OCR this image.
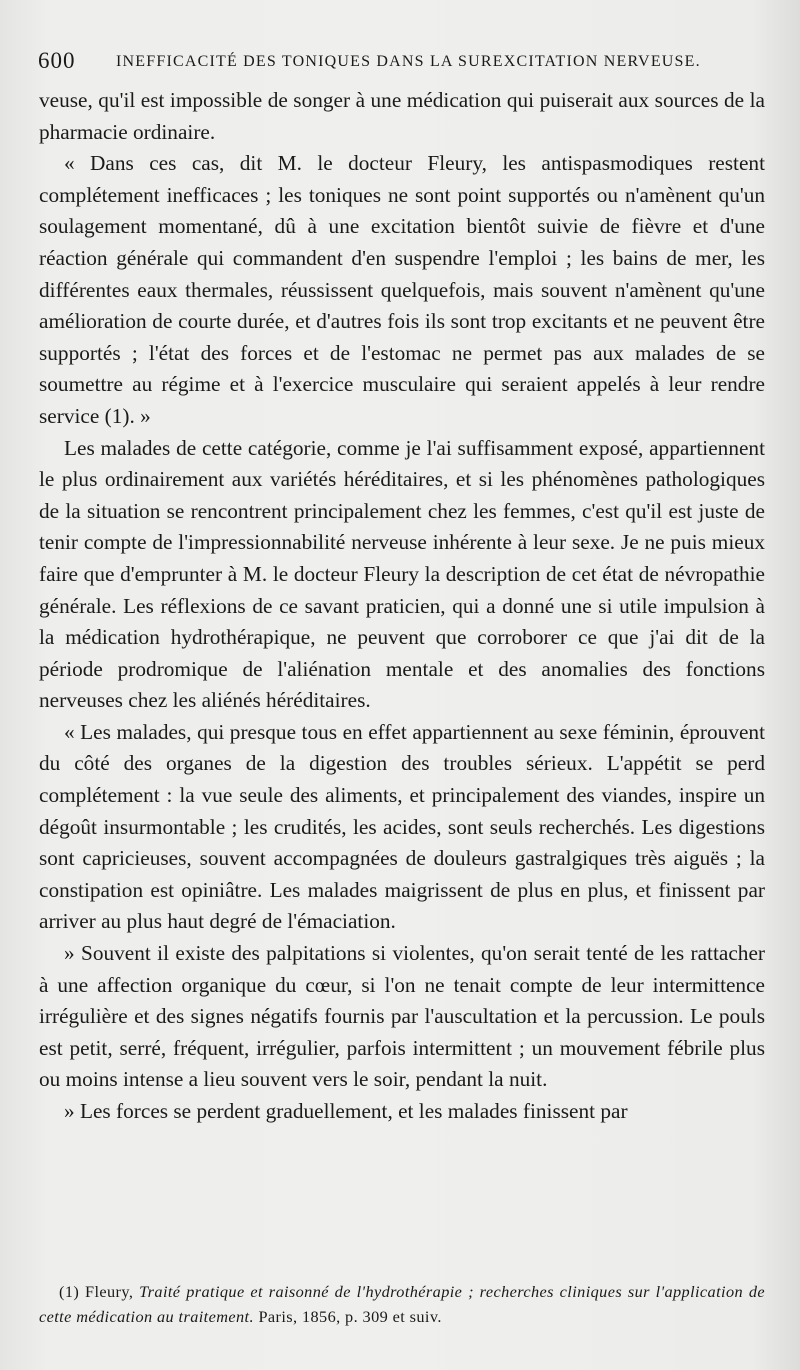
600	INEFFICACITÉ DES TONIQUES DANS LA SUREXCITATION NERVEUSE.

veuse, qu'il est impossible de songer à une médication qui puiserait aux sources de la pharmacie ordinaire.

« Dans ces cas, dit M. le docteur Fleury, les antispasmodiques restent complétement inefficaces ; les toniques ne sont point supportés ou n'amènent qu'un soulagement momentané, dû à une excitation bientôt suivie de fièvre et d'une réaction générale qui commandent d'en suspendre l'emploi ; les bains de mer, les différentes eaux thermales, réussissent quelquefois, mais souvent n'amènent qu'une amélioration de courte durée, et d'autres fois ils sont trop excitants et ne peuvent être supportés ; l'état des forces et de l'estomac ne permet pas aux malades de se soumettre au régime et à l'exercice musculaire qui seraient appelés à leur rendre service (1). »

Les malades de cette catégorie, comme je l'ai suffisamment exposé, appartiennent le plus ordinairement aux variétés héréditaires, et si les phénomènes pathologiques de la situation se rencontrent principalement chez les femmes, c'est qu'il est juste de tenir compte de l'impressionnabilité nerveuse inhérente à leur sexe. Je ne puis mieux faire que d'emprunter à M. le docteur Fleury la description de cet état de névropathie générale. Les réflexions de ce savant praticien, qui a donné une si utile impulsion à la médication hydrothérapique, ne peuvent que corroborer ce que j'ai dit de la période prodromique de l'aliénation mentale et des anomalies des fonctions nerveuses chez les aliénés héréditaires.

« Les malades, qui presque tous en effet appartiennent au sexe féminin, éprouvent du côté des organes de la digestion des troubles sérieux. L'appétit se perd complétement : la vue seule des aliments, et principalement des viandes, inspire un dégoût insurmontable ; les crudités, les acides, sont seuls recherchés. Les digestions sont capricieuses, souvent accompagnées de douleurs gastralgiques très aiguës ; la constipation est opiniâtre. Les malades maigrissent de plus en plus, et finissent par arriver au plus haut degré de l'émaciation.

» Souvent il existe des palpitations si violentes, qu'on serait tenté de les rattacher à une affection organique du cœur, si l'on ne tenait compte de leur intermittence irrégulière et des signes négatifs fournis par l'auscultation et la percussion. Le pouls est petit, serré, fréquent, irrégulier, parfois intermittent ; un mouvement fébrile plus ou moins intense a lieu souvent vers le soir, pendant la nuit.

» Les forces se perdent graduellement, et les malades finissent par

(1) Fleury, Traité pratique et raisonné de l'hydrothérapie ; recherches cliniques sur l'application de cette médication au traitement. Paris, 1856, p. 309 et suiv.
